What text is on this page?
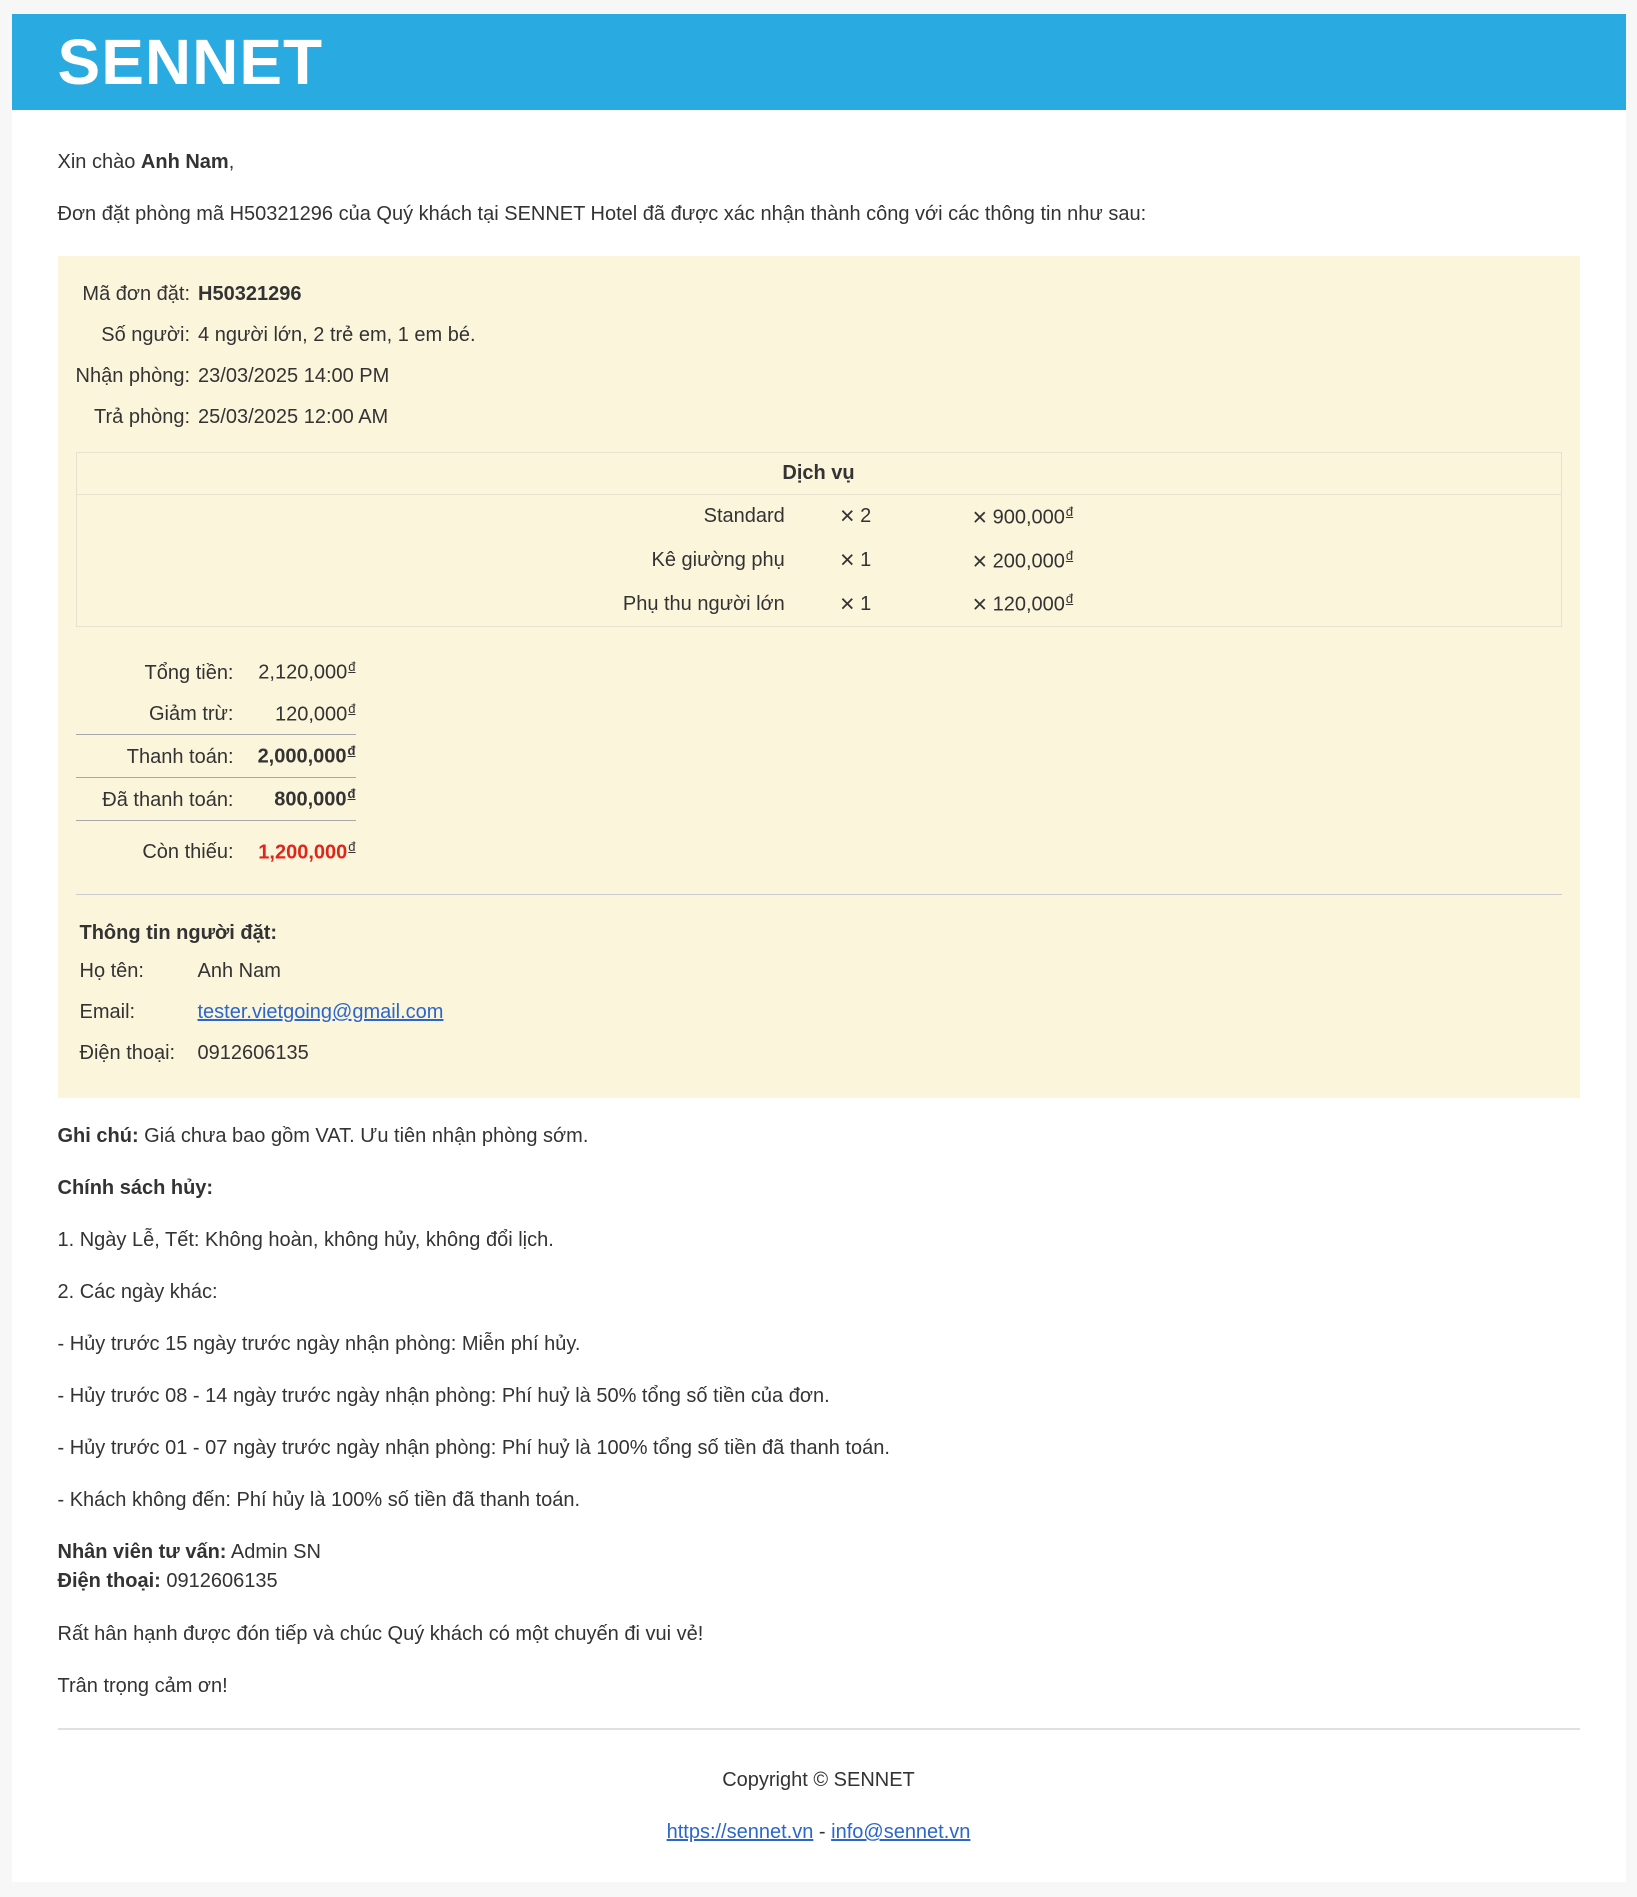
SENNET

Xin chào Anh Nam,

Đơn đặt phòng mã H50321296 của Quý khách tại SENNET Hotel đã được xác nhận thành công với các thông tin như sau:

Mã đơn đặt:	H50321296
Số người:	4 người lớn, 2 trẻ em, 1 em bé.
Nhận phòng:	23/03/2025 14:00 PM
Trả phòng:	25/03/2025 12:00 AM
Dịch vụ		
Standard	× 2	× $900,000^đ$
Kê giường phụ	× 1	× $200,000^đ$
Phụ thu người lớn	× 1	× $120,000^đ$
Tổng tiền:	$2,120,000^đ$
Giảm trừ:	$120,000^đ$
Thanh toán:	$2,000,000^đ$
Đã thanh toán:	$800,000^đ$
Còn thiếu:	$1,200,000^đ$

Thông tin người đặt:

Họ tên:	Anh Nam
Email:	tester.vietgoing@gmail.com
Điện thoại:	0912606135

Ghi chú: Giá chưa bao gồm VAT. Ưu tiên nhận phòng sớm.

Chính sách hủy:

1. Ngày Lễ, Tết: Không hoàn, không hủy, không đổi lịch.

2. Các ngày khác:

- Hủy trước 15 ngày trước ngày nhận phòng: Miễn phí hủy.

- Hủy trước 08 - 14 ngày trước ngày nhận phòng: Phí huỷ là 50% tổng số tiền của đơn.

- Hủy trước 01 - 07 ngày trước ngày nhận phòng: Phí huỷ là 100% tổng số tiền đã thanh toán.

- Khách không đến: Phí hủy là 100% số tiền đã thanh toán.

Nhân viên tư vấn: Admin SN
Điện thoại: 0912606135

Rất hân hạnh được đón tiếp và chúc Quý khách có một chuyến đi vui vẻ!

Trân trọng cảm ơn!

Copyright © SENNET

https://sennet.vn - info@sennet.vn
